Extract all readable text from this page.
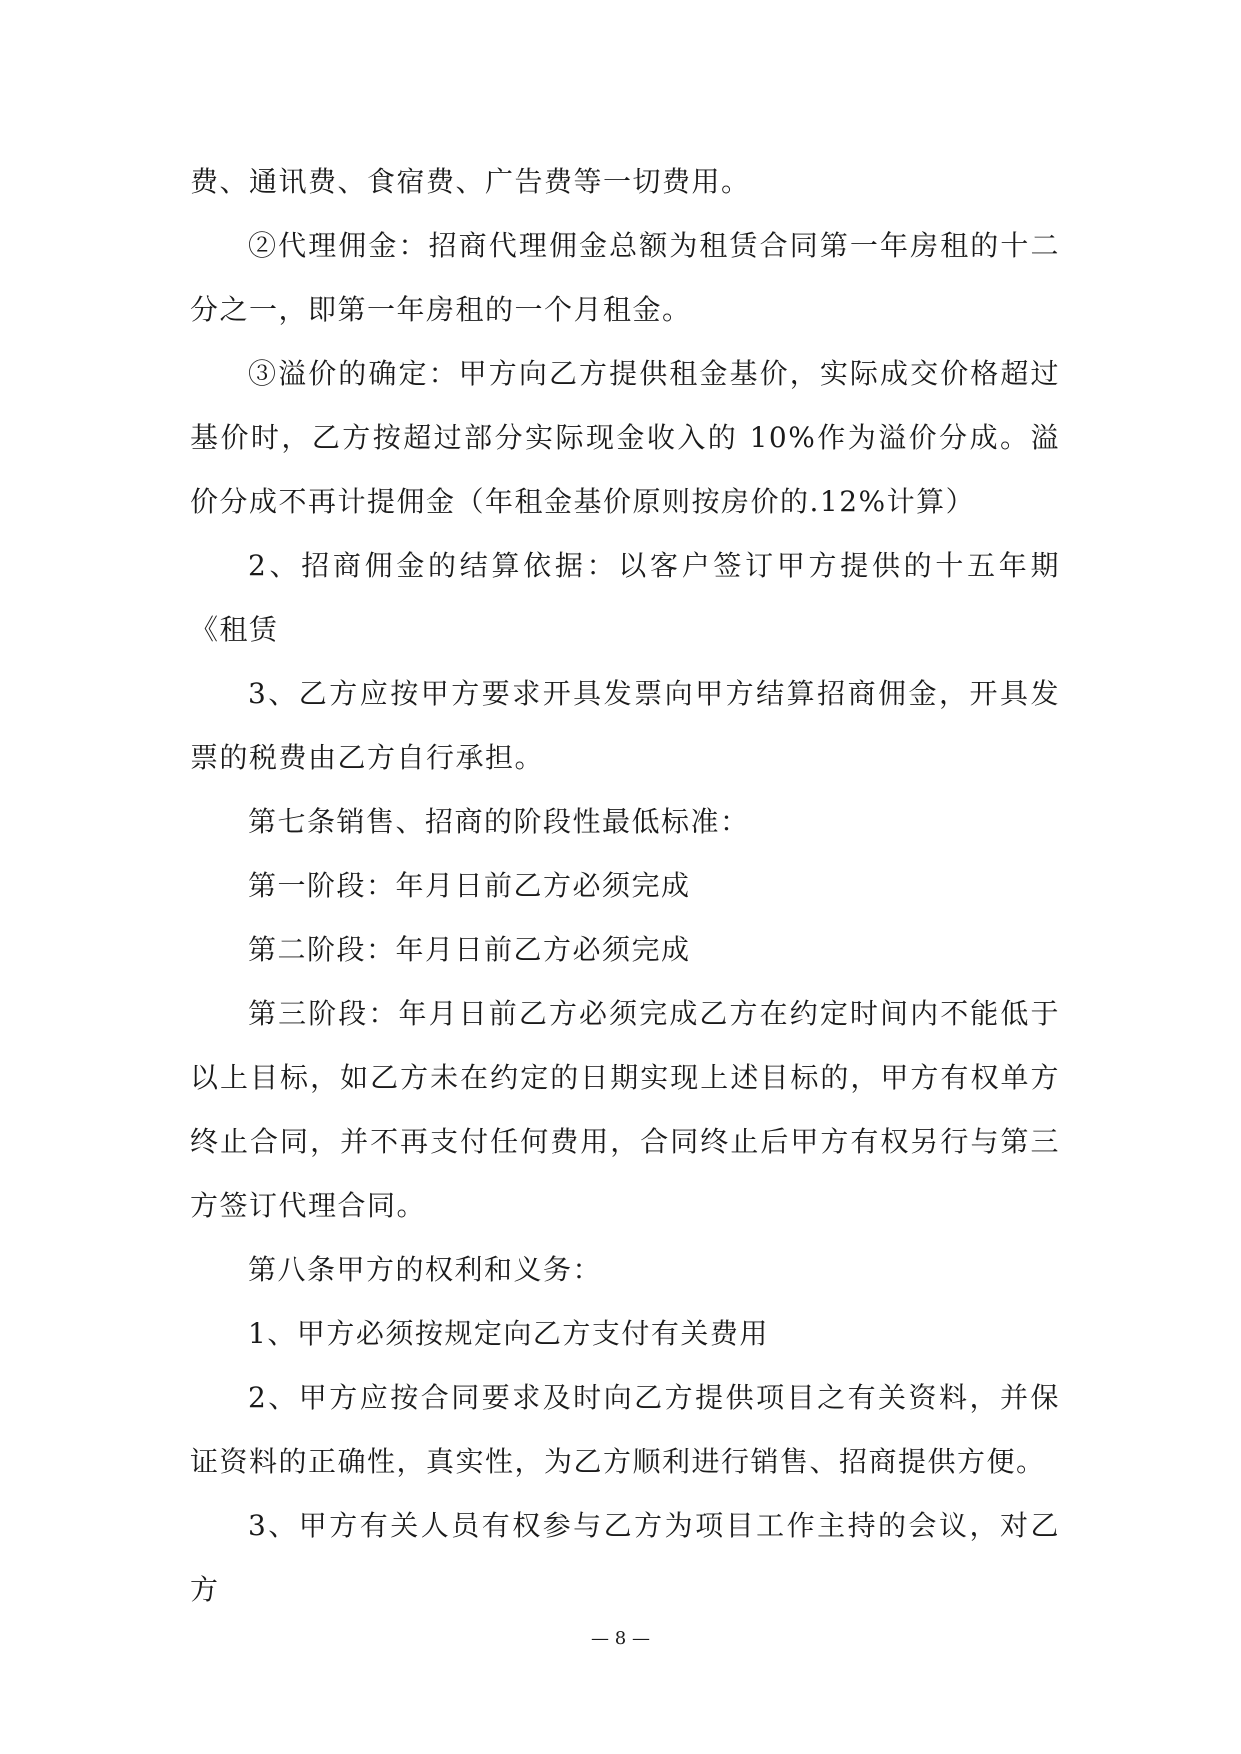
费、通讯费、食宿费、广告费等一切费用。

②代理佣金：招商代理佣金总额为租赁合同第一年房租的十二分之一，即第一年房租的一个月租金。

③溢价的确定：甲方向乙方提供租金基价，实际成交价格超过基价时，乙方按超过部分实际现金收入的 10%作为溢价分成。溢价分成不再计提佣金（年租金基价原则按房价的.12%计算）

2、招商佣金的结算依据：以客户签订甲方提供的十五年期《租赁

3、乙方应按甲方要求开具发票向甲方结算招商佣金，开具发票的税费由乙方自行承担。

第七条销售、招商的阶段性最低标准：

第一阶段：年月日前乙方必须完成

第二阶段：年月日前乙方必须完成

第三阶段：年月日前乙方必须完成乙方在约定时间内不能低于以上目标，如乙方未在约定的日期实现上述目标的，甲方有权单方终止合同，并不再支付任何费用，合同终止后甲方有权另行与第三方签订代理合同。

第八条甲方的权利和义务：

1、甲方必须按规定向乙方支付有关费用

2、甲方应按合同要求及时向乙方提供项目之有关资料，并保证资料的正确性，真实性，为乙方顺利进行销售、招商提供方便。

3、甲方有关人员有权参与乙方为项目工作主持的会议，对乙方

— 8 —
